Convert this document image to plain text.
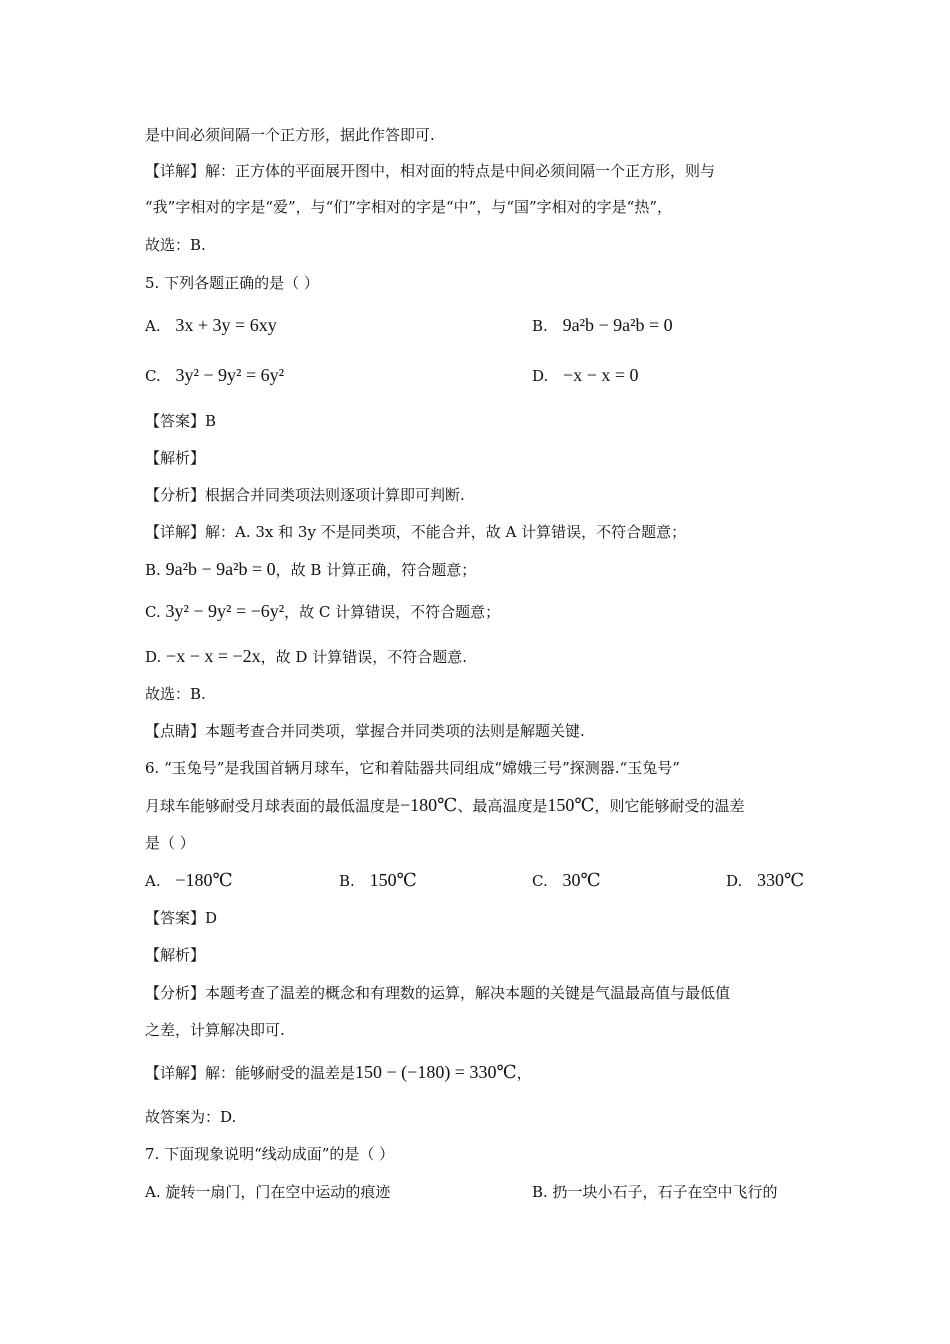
是中间必须间隔一个正方形，据此作答即可.
【详解】解：正方体的平面展开图中，相对面的特点是中间必须间隔一个正方形，则与
“我”字相对的字是“爱”，与“们”字相对的字是“中”，与“国”字相对的字是“热”，
故选：B.
5. 下列各题正确的是（ ）
A. 3x + 3y = 6xy	B. 9a²b − 9a²b = 0
C. 3y² − 9y² = 6y²	D. −x − x = 0
【答案】B
【解析】
【分析】根据合并同类项法则逐项计算即可判断.
【详解】解：A. 3x 和 3y 不是同类项，不能合并，故 A 计算错误，不符合题意；
B. 9a²b − 9a²b = 0，故 B 计算正确，符合题意；
C. 3y² − 9y² = −6y²，故 C 计算错误，不符合题意；
D. −x − x = −2x，故 D 计算错误，不符合题意.
故选：B.
【点睛】本题考查合并同类项，掌握合并同类项的法则是解题关键.
6. “玉兔号”是我国首辆月球车，它和着陆器共同组成“嫦娥三号”探测器.“玉兔号”
月球车能够耐受月球表面的最低温度是−180℃、最高温度是150℃，则它能够耐受的温差
是（ ）
A. −180℃	B. 150℃	C. 30℃	D. 330℃
【答案】D
【解析】
【分析】本题考查了温差的概念和有理数的运算，解决本题的关键是气温最高值与最低值
之差，计算解决即可.
【详解】解：能够耐受的温差是150 − (−180) = 330℃，
故答案为：D.
7. 下面现象说明“线动成面”的是（ ）
A. 旋转一扇门，门在空中运动的痕迹	B. 扔一块小石子，石子在空中飞行的
